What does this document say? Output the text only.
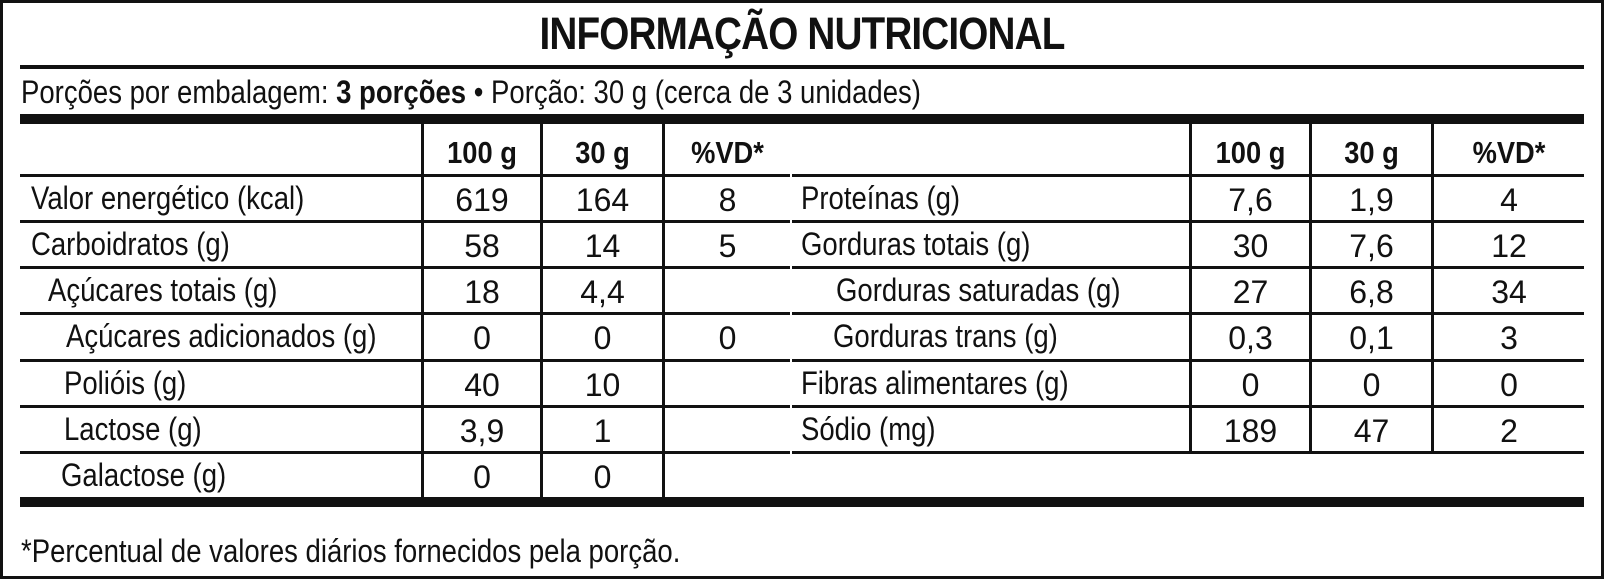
INFORMAÇÃO NUTRICIONAL
Porções por embalagem: 3 porções • Porção: 30 g (cerca de 3 unidades)
100 g	30 g	%VD*
Valor energético (kcal)	619	164	8
Carboidratos (g)	58	14	5
Açúcares totais (g)	18	4,4
Açúcares adicionados (g)	0	0	0
Polióis (g)	40	10
Lactose (g)	3,9	1
Galactose (g)	0	0
100 g	30 g	%VD*
Proteínas (g)	7,6	1,9	4
Gorduras totais (g)	30	7,6	12
Gorduras saturadas (g)	27	6,8	34
Gorduras trans (g)	0,3	0,1	3
Fibras alimentares (g)	0	0	0
Sódio (mg)	189	47	2
*Percentual de valores diários fornecidos pela porção.
